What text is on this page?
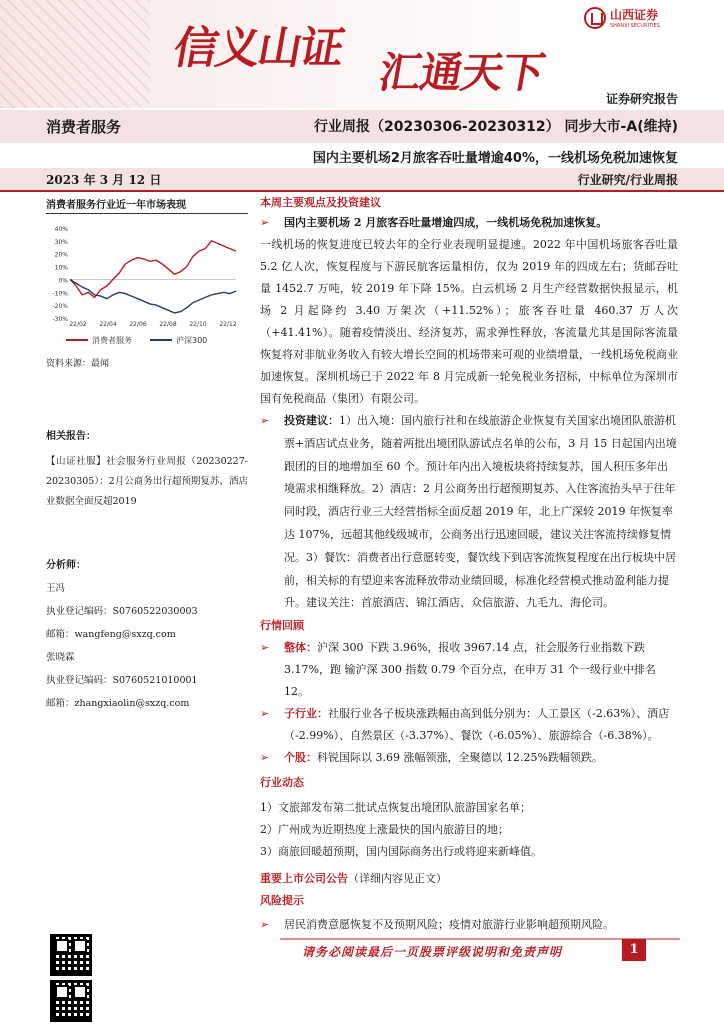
信义山证 汇通天下
山西证券
SHANXI SECURITIES
证券研究报告
消费者服务	行业周报（20230306-20230312） 同步大市-A(维持)
国内主要机场2月旅客吞吐量增逾40%，一线机场免税加速恢复
2023 年 3 月 12 日	行业研究/行业周报
消费者服务行业近一年市场表现
40%
30%
20%
10%
0%
-10%
-20%
-30%
22/02 22/04 22/06 22/08 22/10 22/12
消费者服务	沪深300
资料来源：最闻
相关报告：
【山证社服】社会服务行业周报（20230227-20230305）：2月公商务出行超预期复苏，酒店业数据全面反超2019
分析师：
王冯
执业登记编码：S0760522030003
邮箱：wangfeng@sxzq.com
张晓霖
执业登记编码：S0760521010001
邮箱：zhangxiaolin@sxzq.com
本周主要观点及投资建议
➢ 国内主要机场 2 月旅客吞吐量增逾四成，一线机场免税加速恢复。
一线机场的恢复进度已较去年的全行业表现明显提速。2022 年中国机场旅客吞吐量 5.2 亿人次，恢复程度与下游民航客运量相仿，仅为 2019 年的四成左右；货邮吞吐量 1452.7 万吨，较 2019 年下降 15%。白云机场 2 月生产经营数据快报显示，机场 2 月起降约 3.40 万架次（+11.52%）；旅客吞吐量 460.37 万人次（+41.41%）。随着疫情淡出、经济复苏，需求弹性释放，客流量尤其是国际客流量恢复将对非航业务收入有较大增长空间的机场带来可观的业绩增量，一线机场免税商业加速恢复。深圳机场已于 2022 年 8 月完成新一轮免税业务招标，中标单位为深圳市国有免税商品（集团）有限公司。
➢ 投资建议：1）出入境：国内旅行社和在线旅游企业恢复有关国家出境团队旅游机票+酒店试点业务，随着两批出境团队游试点名单的公布，3 月 15 日起国内出境跟团的目的地增加至 60 个。预计年内出入境板块将持续复苏，国人积压多年出境需求相继释放。2）酒店：2 月公商务出行超预期复苏、入住客流抬头早于往年同时段，酒店行业三大经营指标全面反超 2019 年，北上广深较 2019 年恢复率达 107%，远超其他线级城市，公商务出行迅速回暖，建议关注客流持续修复情况。3）餐饮：消费者出行意愿转变，餐饮线下到店客流恢复程度在出行板块中居前，相关标的有望迎来客流释放带动业绩回暖，标准化经营模式推动盈利能力提升。建议关注：首旅酒店、锦江酒店、众信旅游、九毛九、海伦司。
行情回顾
➢ 整体：沪深 300 下跌 3.96%，报收 3967.14 点，社会服务行业指数下跌 3.17%，跑 输沪深 300 指数 0.79 个百分点，在申万 31 个一级行业中排名 12。
➢ 子行业：社服行业各子板块涨跌幅由高到低分别为：人工景区（-2.63%）、酒店（-2.99%）、自然景区（-3.37%）、餐饮（-6.05%）、旅游综合（-6.38%）。
➢ 个股：科锐国际以 3.69 涨幅领涨，全聚德以 12.25%跌幅领跌。
行业动态
1）文旅部发布第二批试点恢复出境团队旅游国家名单；
2）广州成为近期热度上涨最快的国内旅游目的地；
3）商旅回暖超预期，国内国际商务出行或将迎来新峰值。
重要上市公司公告（详细内容见正文）
风险提示
➢ 居民消费意愿恢复不及预期风险；疫情对旅游行业影响超预期风险。
请务必阅读最后一页股票评级说明和免责声明	1
